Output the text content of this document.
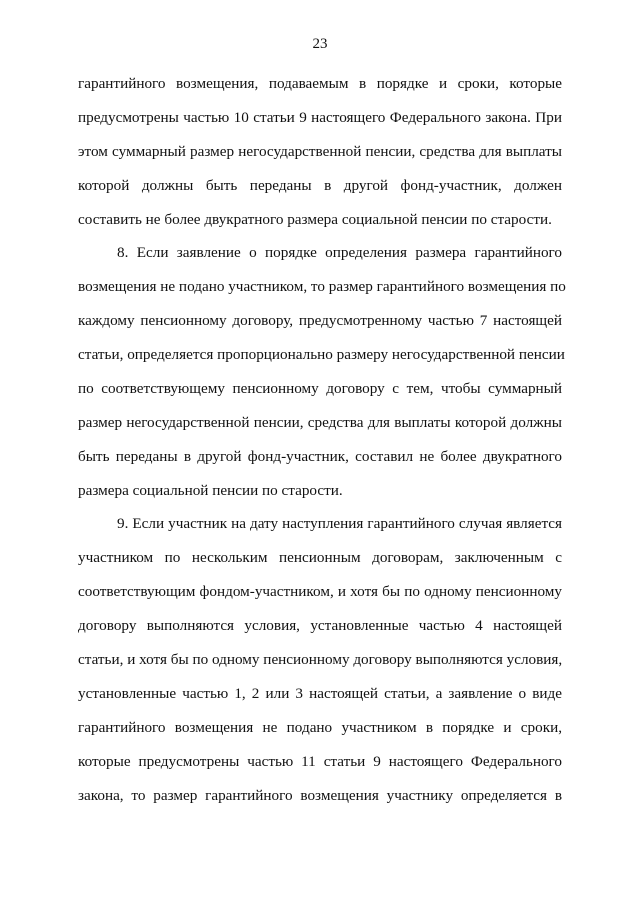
23
гарантийного возмещения, подаваемым в порядке и сроки, которые
предусмотрены частью 10 статьи 9 настоящего Федерального закона. При
этом суммарный размер негосударственной пенсии, средства для выплаты
которой должны быть переданы в другой фонд-участник, должен
составить не более двукратного размера социальной пенсии по старости.
8. Если заявление о порядке определения размера гарантийного
возмещения не подано участником, то размер гарантийного возмещения по
каждому пенсионному договору, предусмотренному частью 7 настоящей
статьи, определяется пропорционально размеру негосударственной пенсии
по соответствующему пенсионному договору с тем, чтобы суммарный
размер негосударственной пенсии, средства для выплаты которой должны
быть переданы в другой фонд-участник, составил не более двукратного
размера социальной пенсии по старости.
9. Если участник на дату наступления гарантийного случая является
участником по нескольким пенсионным договорам, заключенным с
соответствующим фондом-участником, и хотя бы по одному пенсионному
договору выполняются условия, установленные частью 4 настоящей
статьи, и хотя бы по одному пенсионному договору выполняются условия,
установленные частью 1, 2 или 3 настоящей статьи, а заявление о виде
гарантийного возмещения не подано участником в порядке и сроки,
которые предусмотрены частью 11 статьи 9 настоящего Федерального
закона, то размер гарантийного возмещения участнику определяется в
